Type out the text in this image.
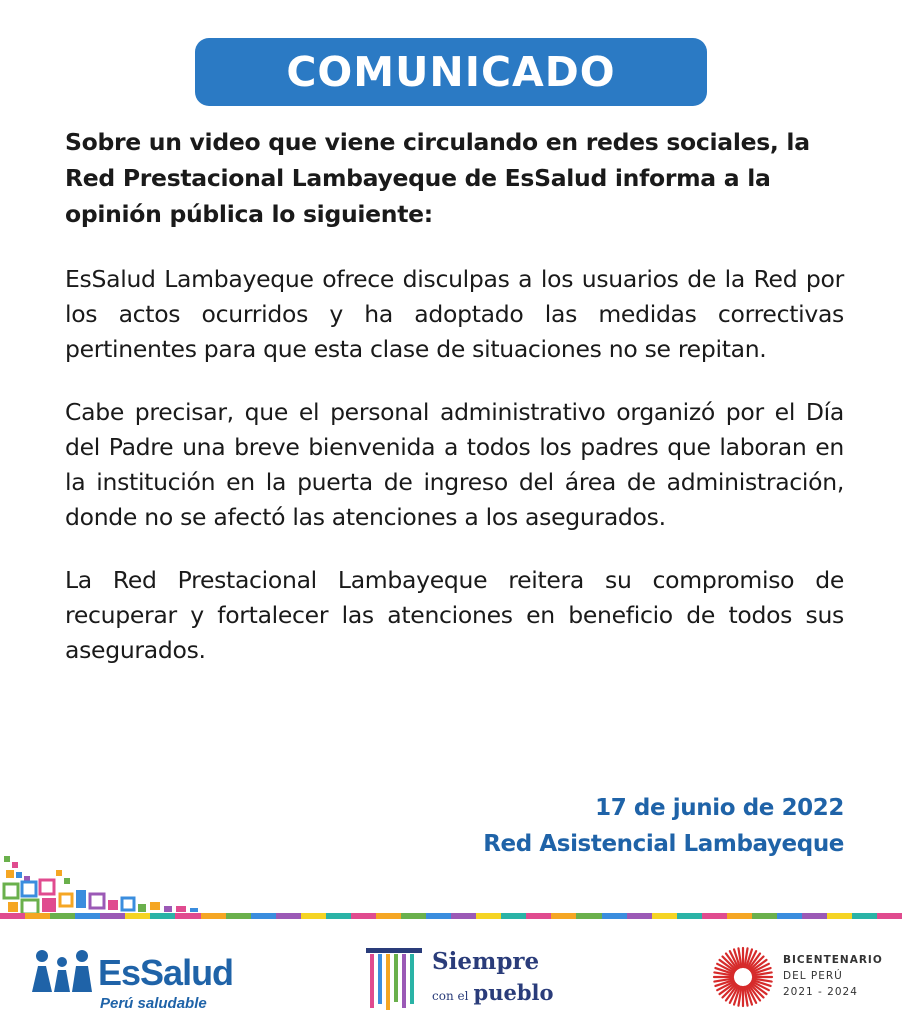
COMUNICADO

Sobre un video que viene circulando en redes sociales, la Red Prestacional Lambayeque de EsSalud informa a la opinión pública lo siguiente:

EsSalud Lambayeque ofrece disculpas a los usuarios de la Red por los actos ocurridos y ha adoptado las medidas correctivas pertinentes para que esta clase de situaciones no se repitan.

Cabe precisar, que el personal administrativo organizó por el Día del Padre una breve bienvenida a todos los padres que laboran en la institución en la puerta de ingreso del área de administración, donde no se afectó las atenciones a los asegurados.

La Red Prestacional Lambayeque reitera su compromiso de recuperar y fortalecer las atenciones en beneficio de todos sus asegurados.

17 de junio de 2022
Red Asistencial Lambayeque
EsSalud
Perú saludable
Siempre
con el pueblo
BICENTENARIO
DEL PERÚ
2021 - 2024
